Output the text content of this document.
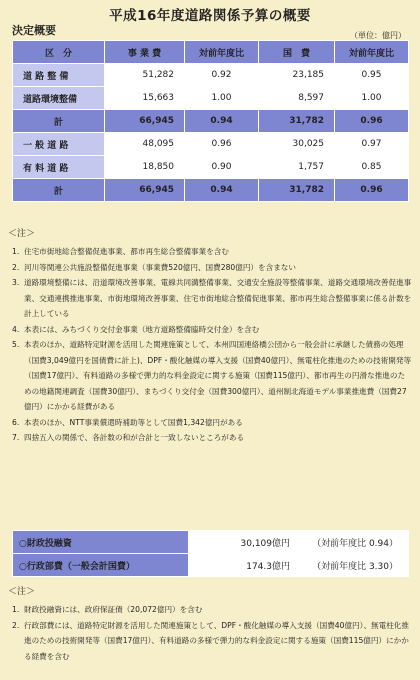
平成16年度道路関係予算の概要
決定概要	（単位：億円）
区　分	事 業 費	対前年度比	国　費	対前年度比
道 路 整 備	51,282	0.92	23,185	0.95
道路環境整備	15,663	1.00	8,597	1.00
計	66,945	0.94	31,782	0.96
一 般 道 路	48,095	0.96	30,025	0.97
有 料 道 路	18,850	0.90	1,757	0.85
計	66,945	0.94	31,782	0.96
＜注＞
1. 住宅市街地総合整備促進事業、都市再生総合整備事業を含む
2. 河川等関連公共施設整備促進事業（事業費520億円、国費280億円）を含まない
3. 道路環境整備には、沿道環境改善事業、電線共同溝整備事業、交通安全施設等整備事業、道路交通環境改善促進事業、交通連携推進事業、市街地環境改善事業、住宅市街地総合整備促進事業、都市再生総合整備事業に係る計数を計上している
4. 本表には、みちづくり交付金事業（地方道路整備臨時交付金）を含む
5. 本表のほか、道路特定財源を活用した関連施策として、本州四国連絡橋公団から一般会計に承継した債務の処理（国費3,049億円を国債費に計上)、DPF・酸化触媒の導入支援（国費40億円）、無電柱化推進のための技術開発等（国費17億円）、有料道路の多様で弾力的な料金設定に関する施策（国費115億円）、都市再生の円滑な推進のための地籍関連調査（国費30億円）、まちづくり交付金（国費300億円）、道州制北海道モデル事業推進費（国費27億円）にかかる経費がある
6. 本表のほか、NTT事業償還時補助等として国費1,342億円がある
7. 四捨五入の関係で、各計数の和が合計と一致しないところがある
○財政投融資	30,109億円	（対前年度比 0.94）
○行政部費（一般会計国費）	174.3億円	（対前年度比 3.30）
＜注＞
1. 財政投融資には、政府保証債（20,072億円）を含む
2. 行政部費には、道路特定財源を活用した関連施策として、DPF・酸化触媒の導入支援（国費40億円）、無電柱化推進のための技術開発等（国費17億円）、有料道路の多様で弾力的な料金設定に関する施策（国費115億円）にかかる経費を含む
